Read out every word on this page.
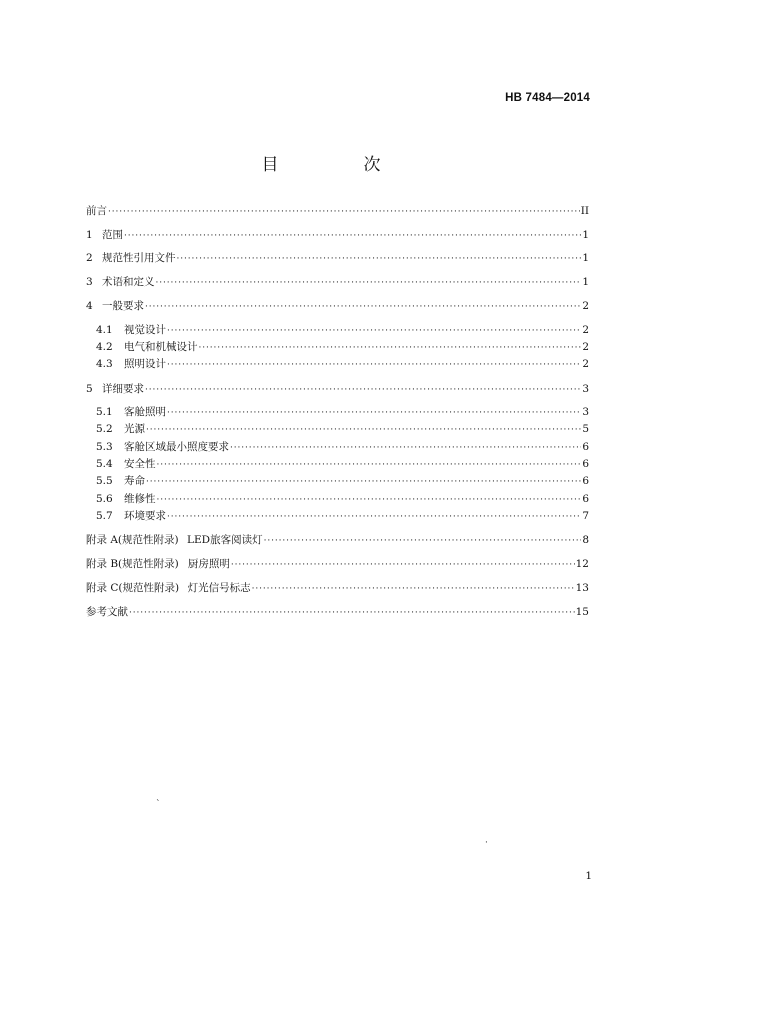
HB 7484—2014
目　次
前言 ·····	II
1 范围 ·····	1
2 规范性引用文件 ·····	1
3 术语和定义 ·····	1
4 一般要求 ·····	2
4.1	视觉设计 ·····	2
4.2	电气和机械设计 ·····	2
4.3	照明设计 ·····	2
5 详细要求 ·····	3
5.1	客舱照明 ·····	3
5.2	光源 ·····	5
5.3	客舱区域最小照度要求 ·····	6
5.4	安全性 ·····	6
5.5	寿命 ·····	6
5.6	维修性 ·····	6
5.7	环境要求 ·····	7
附录 A(规范性附录) LED旅客阅读灯 ·····	8
附录 B(规范性附录) 厨房照明 ·····	12
附录 C(规范性附录) 灯光信号标志 ·····	13
参考文献 ·····	15
ˋ
·
1
